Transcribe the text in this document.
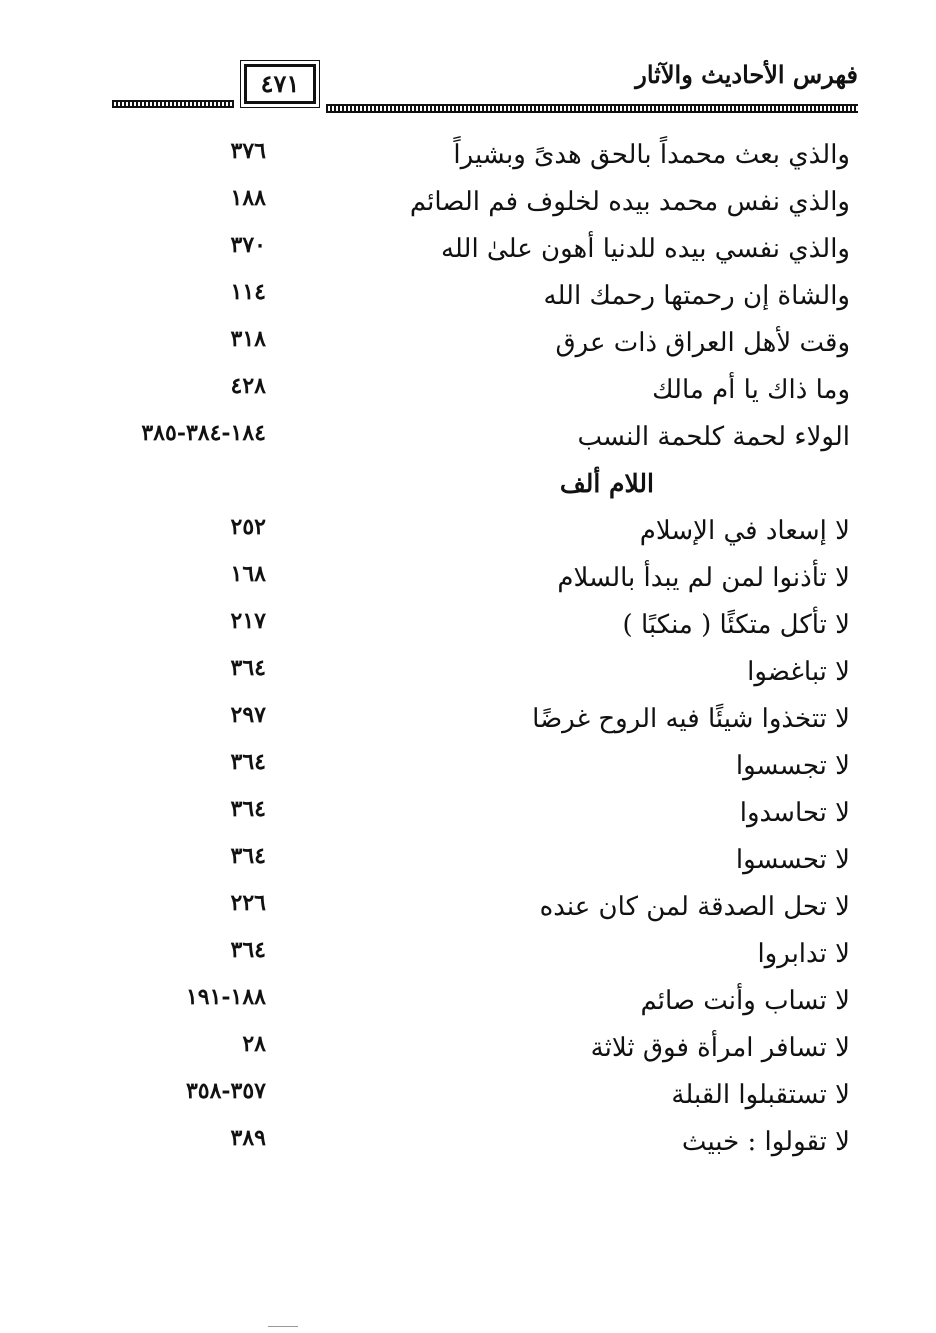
٤٧١	فهرس الأحاديث والآثار
والذي بعث محمداً بالحق هدىً وبشيراً
٣٧٦
والذي نفس محمد بيده لخلوف فم الصائم
١٨٨
والذي نفسي بيده للدنيا أهون علىٰ الله
٣٧٠
والشاة إن رحمتها رحمك الله
١١٤
وقت لأهل العراق ذات عرق
٣١٨
وما ذاك يا أم مالك
٤٢٨
الولاء لحمة كلحمة النسب
١٨٤-٣٨٤-٣٨٥
اللام ألف
لا إسعاد في الإسلام
٢٥٢
لا تأذنوا لمن لم يبدأ بالسلام
١٦٨
لا تأكل متكئًا ( منكبًا )
٢١٧
لا تباغضوا
٣٦٤
لا تتخذوا شيئًا فيه الروح غرضًا
٢٩٧
لا تجسسوا
٣٦٤
لا تحاسدوا
٣٦٤
لا تحسسوا
٣٦٤
لا تحل الصدقة لمن كان عنده
٢٢٦
لا تدابروا
٣٦٤
لا تساب وأنت صائم
١٨٨-١٩١
لا تسافر امرأة فوق ثلاثة
٢٨
لا تستقبلوا القبلة
٣٥٧-٣٥٨
لا تقولوا : خبيث
٣٨٩
